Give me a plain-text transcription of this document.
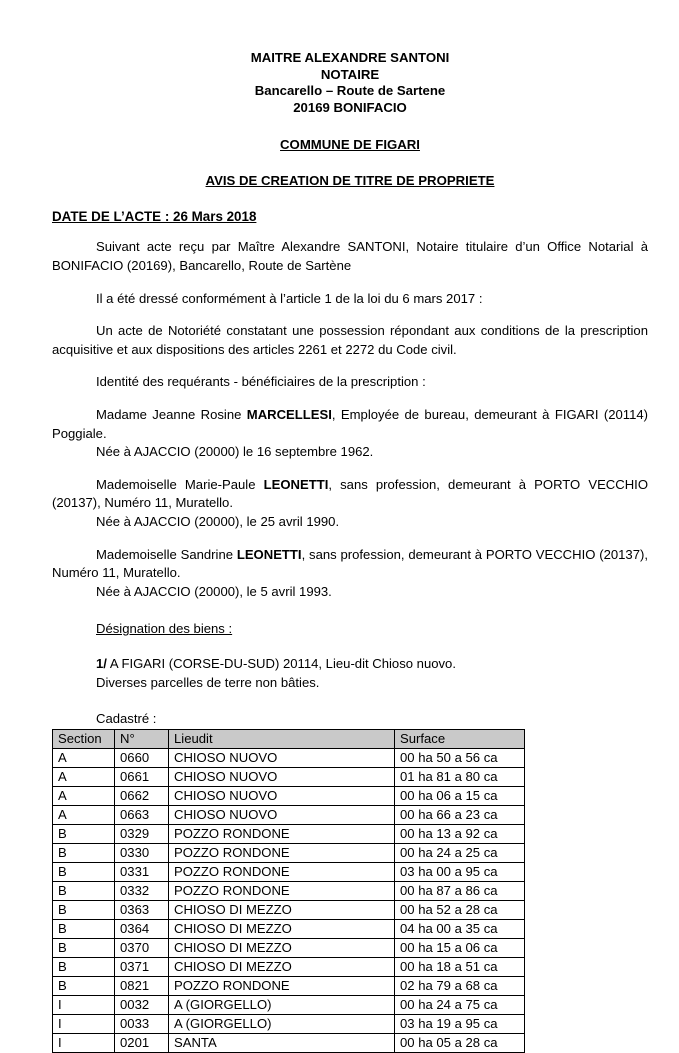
MAITRE ALEXANDRE SANTONI
NOTAIRE
Bancarello – Route de Sartene
20169 BONIFACIO
COMMUNE DE FIGARI
AVIS DE CREATION DE TITRE DE PROPRIETE
DATE DE L’ACTE : 26 Mars 2018

Suivant acte reçu par Maître Alexandre SANTONI, Notaire titulaire d’un Office Notarial à BONIFACIO (20169), Bancarello, Route de Sartène

Il a été dressé conformément à l’article 1 de la loi du 6 mars 2017 :

Un acte de Notoriété constatant une possession répondant aux conditions de la prescription acquisitive et aux dispositions des articles 2261 et 2272 du Code civil.

Identité des requérants - bénéficiaires de la prescription :

Madame Jeanne Rosine MARCELLESI, Employée de bureau, demeurant à FIGARI (20114) Poggiale.

Née à AJACCIO (20000) le 16 septembre 1962.

Mademoiselle Marie-Paule LEONETTI, sans profession, demeurant à PORTO VECCHIO (20137), Numéro 11, Muratello.

Née à AJACCIO (20000), le 25 avril 1990.

Mademoiselle Sandrine LEONETTI, sans profession, demeurant à PORTO VECCHIO (20137), Numéro 11, Muratello.

Née à AJACCIO (20000), le 5 avril 1993.

Désignation des biens :
1/ A FIGARI (CORSE-DU-SUD) 20114, Lieu-dit Chioso nuovo.
Diverses parcelles de terre non bâties.
Cadastré :
Section	N°	Lieudit	Surface
A	0660	CHIOSO NUOVO	00 ha 50 a 56 ca
A	0661	CHIOSO NUOVO	01 ha 81 a 80 ca
A	0662	CHIOSO NUOVO	00 ha 06 a 15 ca
A	0663	CHIOSO NUOVO	00 ha 66 a 23 ca
B	0329	POZZO RONDONE	00 ha 13 a 92 ca
B	0330	POZZO RONDONE	00 ha 24 a 25 ca
B	0331	POZZO RONDONE	03 ha 00 a 95 ca
B	0332	POZZO RONDONE	00 ha 87 a 86 ca
B	0363	CHIOSO DI MEZZO	00 ha 52 a 28 ca
B	0364	CHIOSO DI MEZZO	04 ha 00 a 35 ca
B	0370	CHIOSO DI MEZZO	00 ha 15 a 06 ca
B	0371	CHIOSO DI MEZZO	00 ha 18 a 51 ca
B	0821	POZZO RONDONE	02 ha 79 a 68 ca
I	0032	A (GIORGELLO)	00 ha 24 a 75 ca
I	0033	A (GIORGELLO)	03 ha 19 a 95 ca
I	0201	SANTA	00 ha 05 a 28 ca
